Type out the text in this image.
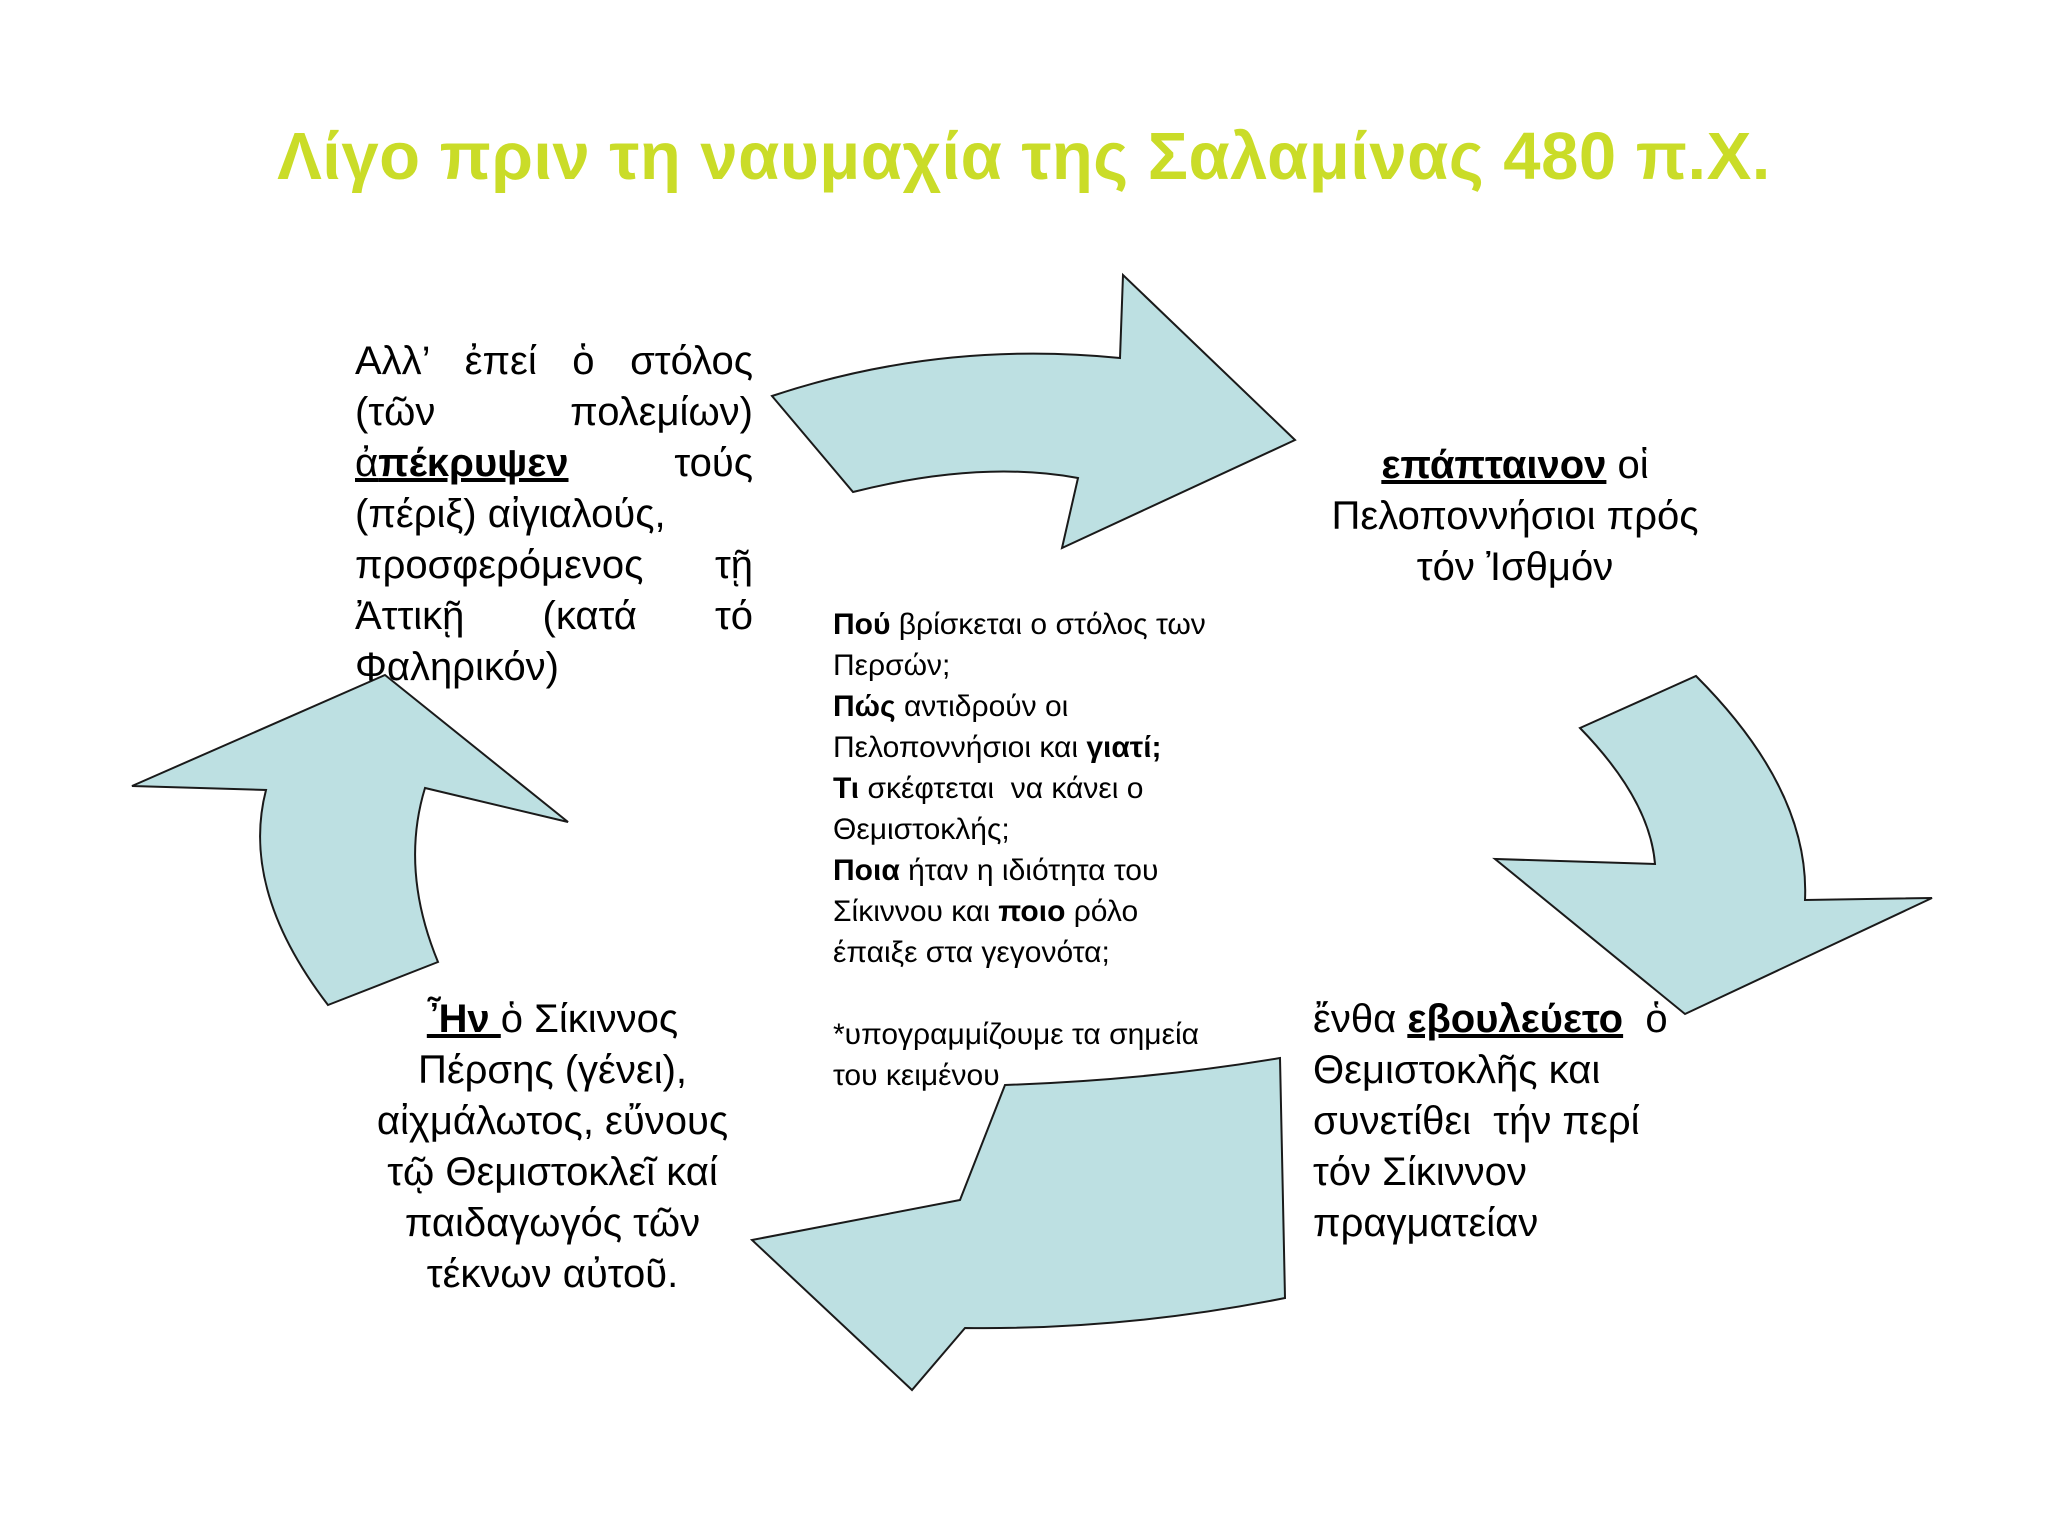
Λίγο πριν τη ναυμαχία της Σαλαμίνας 480 π.Χ.
Αλλ’ ἐπεί ὁ στόλος
(τῶν	πολεμίων)
ἀπέκρυψεν	τούς
(πέριξ) αἰγιαλούς,
προσφερόμενος τῇ
Ἀττικῇ (κατά τό
Φαληρικόν)
επάπταινον οἱ
Πελοποννήσιοι πρός
τόν Ἰσθμόν
ἔνθα εβουλεύετο  ὁ
Θεμιστοκλῆς και
συνετίθει  τήν περί
τόν Σίκιννον
πραγματείαν
Ἦν ὁ Σίκιννος
Πέρσης (γένει),
αἰχμάλωτος, εὔνους
τῷ Θεμιστοκλεῖ καί
παιδαγωγός τῶν
τέκνων αὐτοῦ.
Πού βρίσκεται ο στόλος των
Περσών;
Πώς αντιδρούν οι
Πελοποννήσιοι και γιατί;
Τι σκέφτεται  να κάνει ο
Θεμιστοκλής;
Ποια ήταν η ιδιότητα του
Σίκιννου και ποιο ρόλο
έπαιξε στα γεγονότα;
*υπογραμμίζουμε τα σημεία
του κειμένου
